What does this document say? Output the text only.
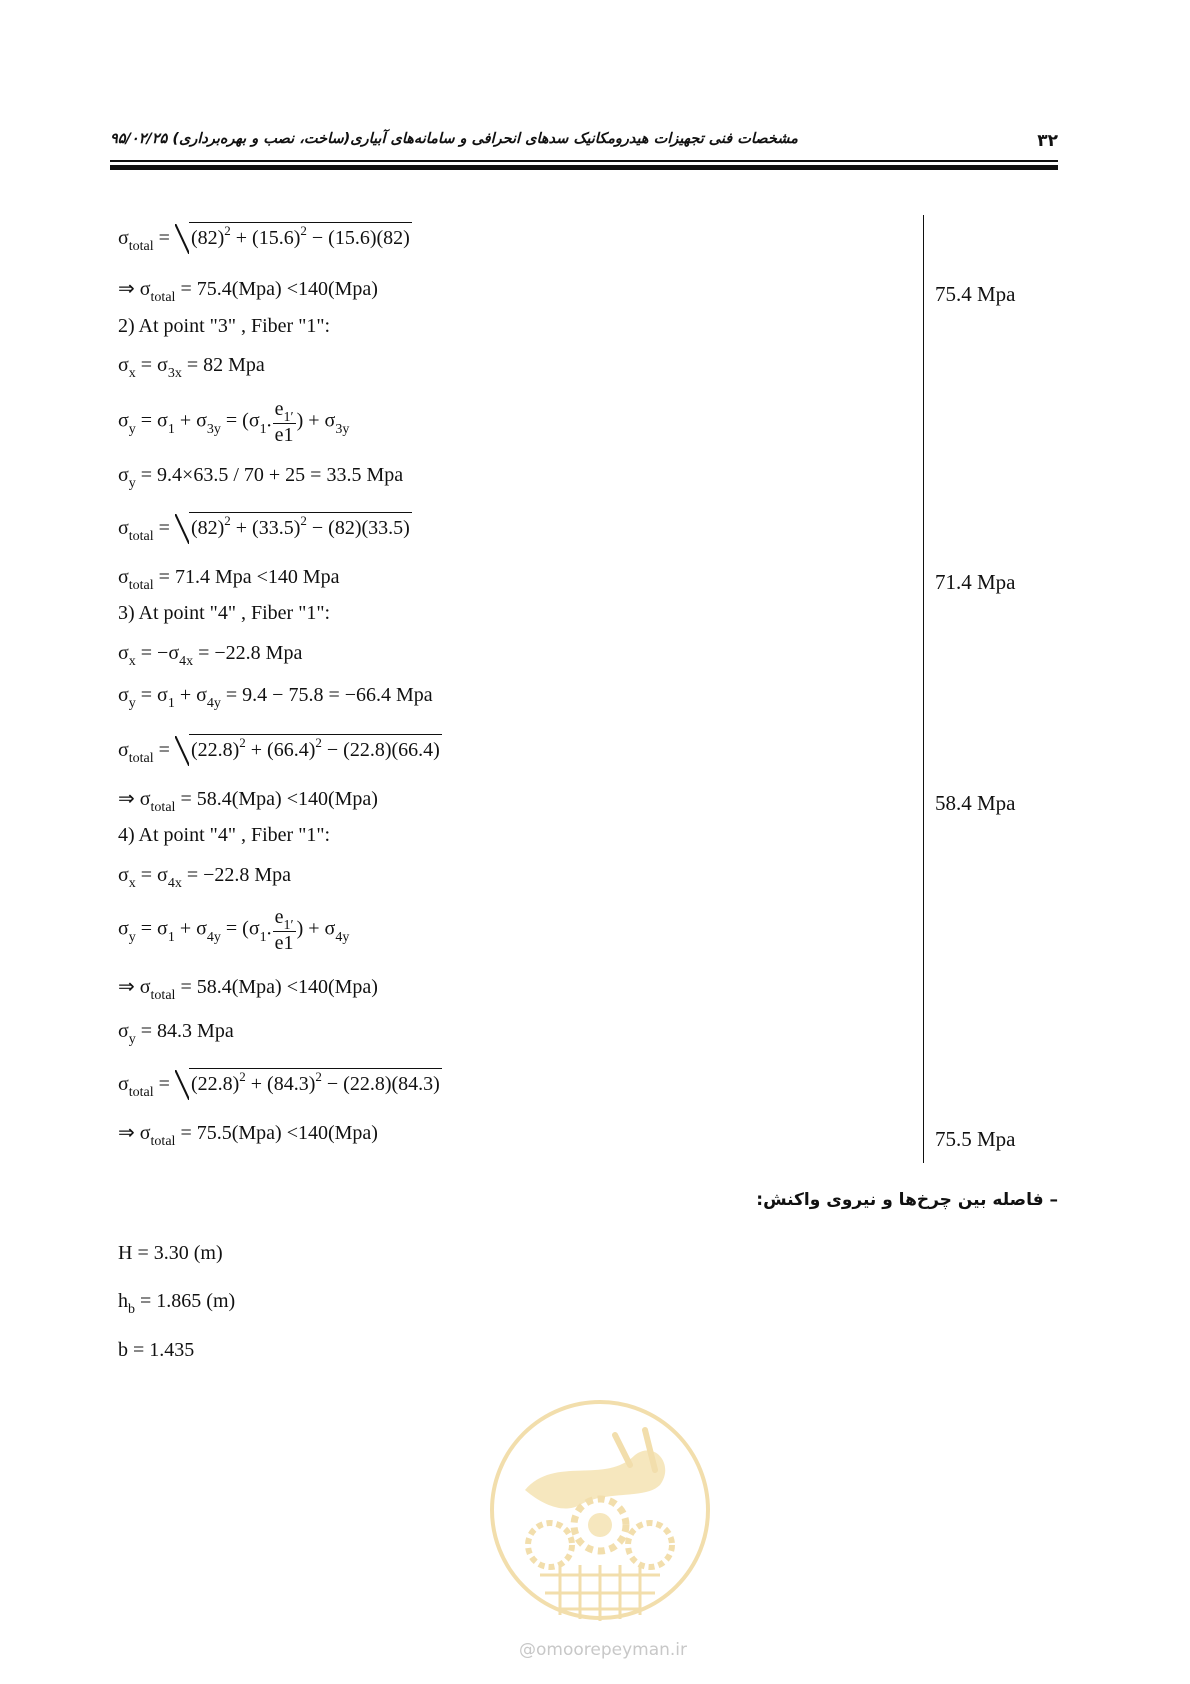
۳۲
مشخصات فنی تجهیزات هیدرومکانیک سدهای انحرافی و سامانه‌های آبیاری(ساخت، نصب و بهره‌برداری) ۹۵/۰۲/۲۵
75.4 Mpa
71.4 Mpa
58.4 Mpa
75.5 Mpa
$\sigma_{total} = (82)^2 + (15.6)^2 - (15.6)(82)$
⇒ $\sigma_{total} = 75.4(Mpa) <140(Mpa)$
2) At point "3" , Fiber "1":
$\sigma_x = \sigma_{3x} = 82$ Mpa
$\sigma_y = \sigma_1 + \sigma_{3y} = (\sigma_1$. $\frac{e_{1'}}{e1}$ ) + $\sigma_{3y}$
$\sigma_y = 9.4\times 63.5 / 70 + 25 = 33.5$ Mpa
$\sigma_{total} = (82)^2 + (33.5)^2 - (82)(33.5)$
$\sigma_{total} = 71.4$ Mpa <140 Mpa
3) At point "4" , Fiber "1":
$\sigma_x = -\sigma_{4x} = -22.8$ Mpa
$\sigma_y = \sigma_1 + \sigma_{4y} = 9.4 - 75.8 = -66.4$ Mpa
$\sigma_{total} = (22.8)^2 + (66.4)^2 - (22.8)(66.4)$
⇒ $\sigma_{total} = 58.4(Mpa) <140(Mpa)$
4) At point "4" , Fiber "1":
$\sigma_x = \sigma_{4x} = -22.8$ Mpa
$\sigma_y = \sigma_1 + \sigma_{4y} = (\sigma_1$. $\frac{e_{1'}}{e1}$ ) + $\sigma_{4y}$
⇒ $\sigma_{total} = 58.4(Mpa) <140(Mpa)$
$\sigma_y = 84.3$ Mpa
$\sigma_{total} = (22.8)^2 + (84.3)^2 - (22.8)(84.3)$
⇒ $\sigma_{total} = 75.5(Mpa) <140(Mpa)$
– فاصله بین چرخ‌ها و نیروی واکنش:
H = 3.30 (m)
$h_b = 1.865$ (m)
b = 1.435
@omoorepeyman.ir
